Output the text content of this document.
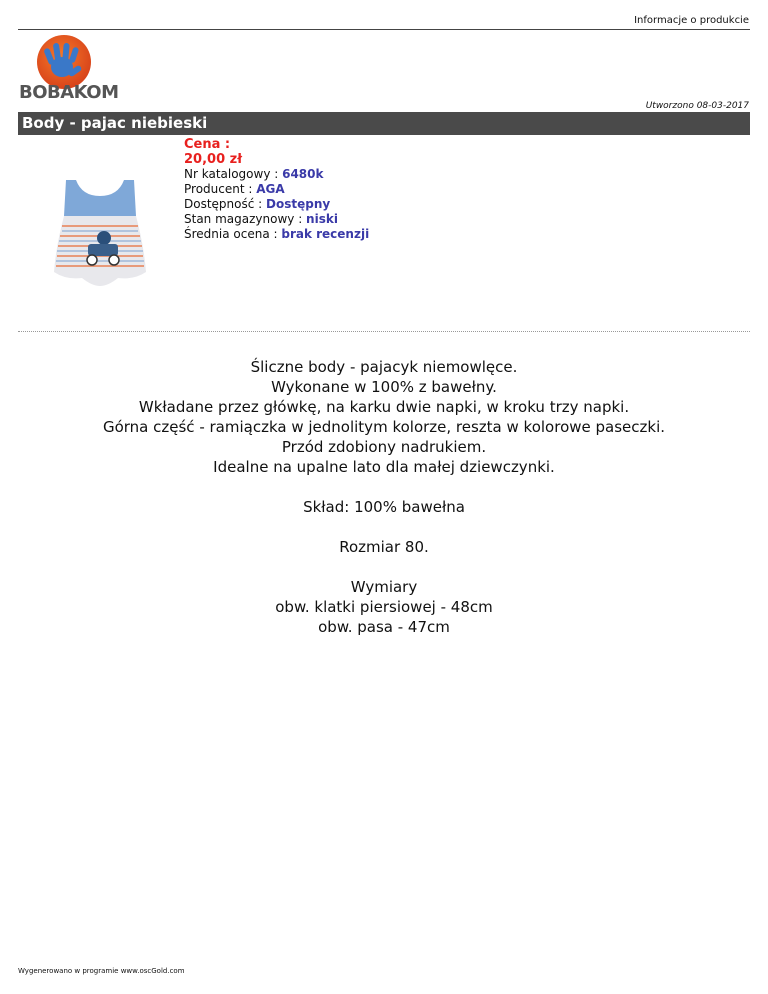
Informacje o produkcie
BOBAKOM
Utworzono 08-03-2017
Body - pajac niebieski
Cena :
20,00 zł
Nr katalogowy : 6480k
Producent : AGA
Dostępność : Dostępny
Stan magazynowy : niski
Średnia ocena : brak recenzji

Śliczne body - pajacyk niemowlęce.

Wykonane w 100% z bawełny.

Wkładane przez główkę, na karku dwie napki, w kroku trzy napki.

Górna część - ramiączka w jednolitym kolorze, reszta w kolorowe paseczki.

Przód zdobiony nadrukiem.

Idealne na upalne lato dla małej dziewczynki.

Skład: 100% bawełna

Rozmiar 80.

Wymiary

obw. klatki piersiowej - 48cm

obw. pasa - 47cm

Wygenerowano w programie www.oscGold.com
